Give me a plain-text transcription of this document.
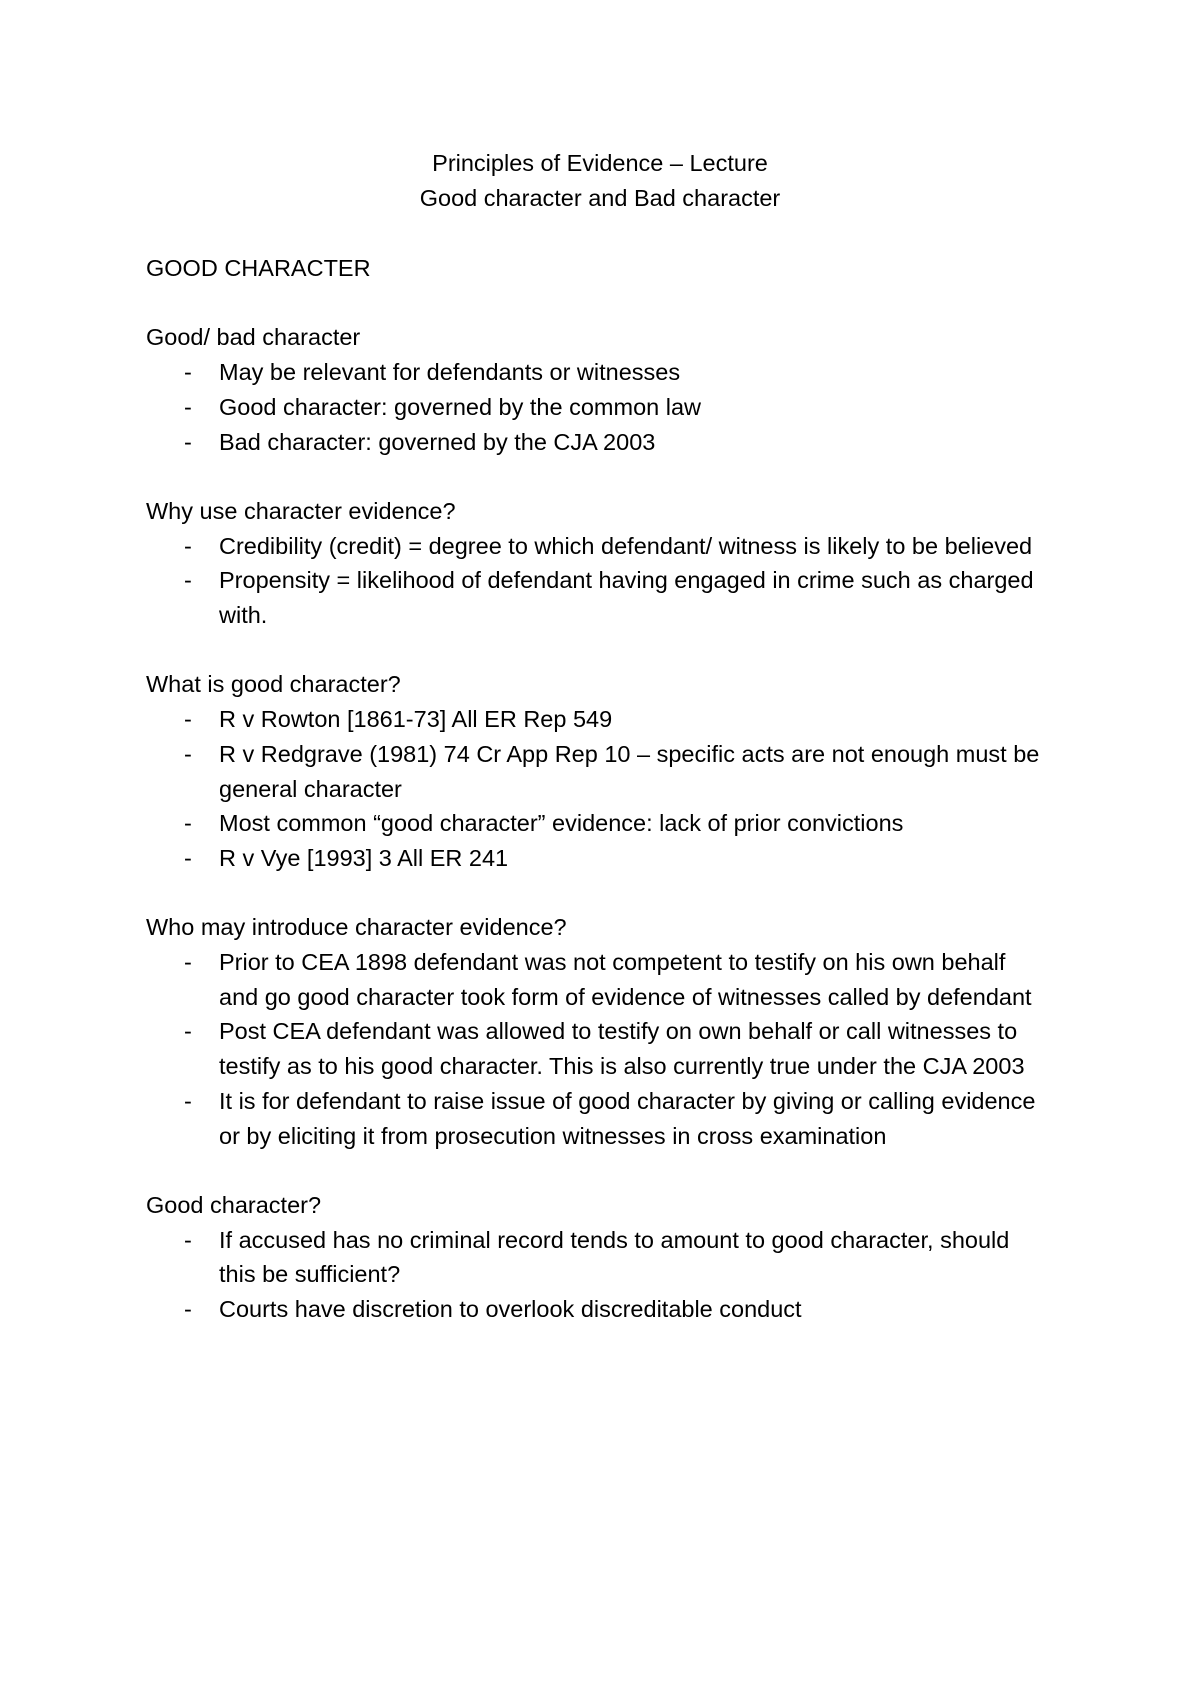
Principles of Evidence – Lecture
Good character and Bad character
GOOD CHARACTER
Good/ bad character
- May be relevant for defendants or witnesses
- Good character: governed by the common law
- Bad character: governed by the CJA 2003
Why use character evidence?
- Credibility (credit) = degree to which defendant/ witness is likely to be believed
- Propensity = likelihood of defendant having engaged in crime such as charged with.
What is good character?
- R v Rowton [1861-73] All ER Rep 549
- R v Redgrave (1981) 74 Cr App Rep 10 – specific acts are not enough must be general character
- Most common “good character” evidence: lack of prior convictions
- R v Vye [1993] 3 All ER 241
Who may introduce character evidence?
- Prior to CEA 1898 defendant was not competent to testify on his own behalf and go good character took form of evidence of witnesses called by defendant
- Post CEA defendant was allowed to testify on own behalf or call witnesses to testify as to his good character. This is also currently true under the CJA 2003
- It is for defendant to raise issue of good character by giving or calling evidence or by eliciting it from prosecution witnesses in cross examination
Good character?
- If accused has no criminal record tends to amount to good character, should this be sufficient?
- Courts have discretion to overlook discreditable conduct
